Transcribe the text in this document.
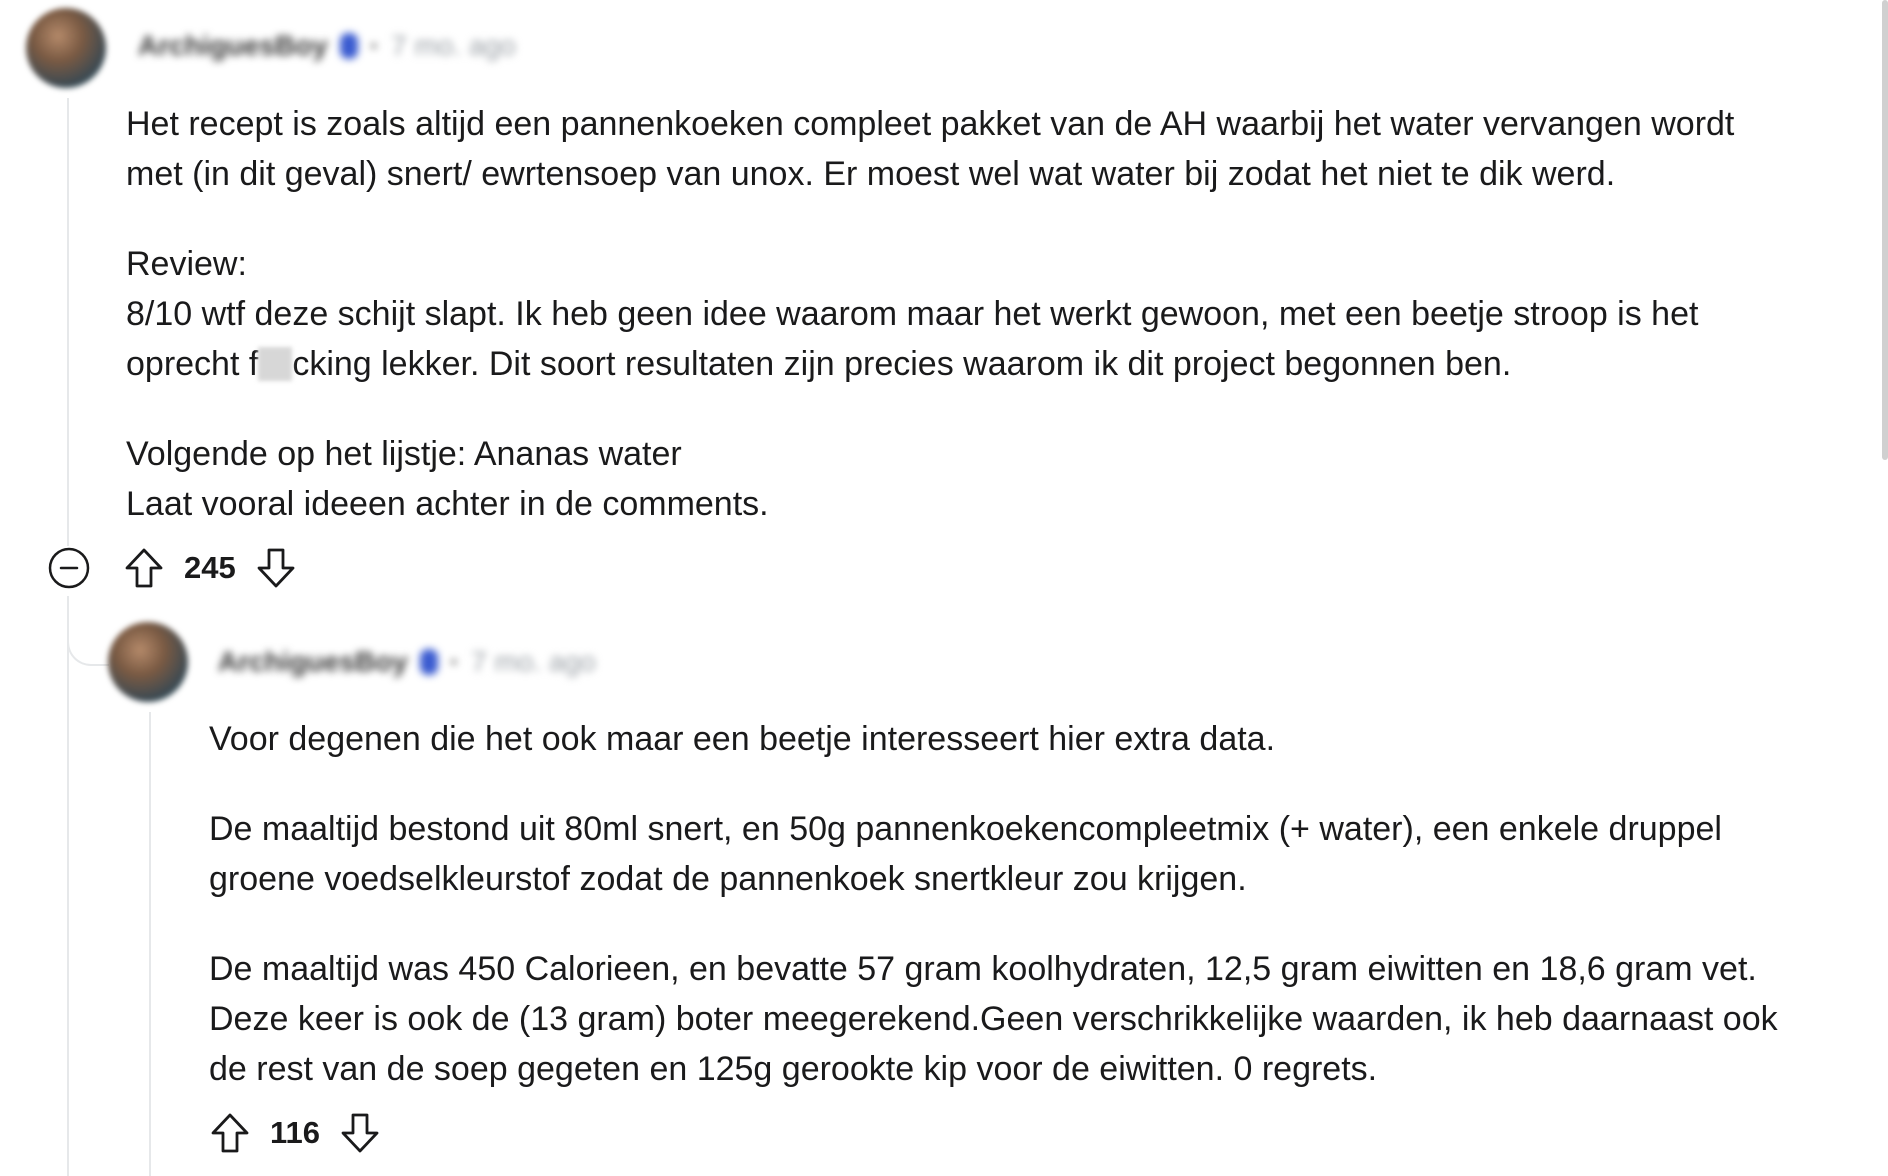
ArchiguesBoy · 7 mo. ago

Het recept is zoals altijd een pannenkoeken compleet pakket van de AH waarbij het water vervangen wordt
met (in dit geval) snert/ ewrtensoep van unox. Er moest wel wat water bij zodat het niet te dik werd.

Review:
8/10 wtf deze schijt slapt. Ik heb geen idee waarom maar het werkt gewoon, met een beetje stroop is het
oprecht f cking lekker. Dit soort resultaten zijn precies waarom ik dit project begonnen ben.

Volgende op het lijstje: Ananas water
Laat vooral ideeen achter in de comments.

245
ArchiguesBoy · 7 mo. ago

Voor degenen die het ook maar een beetje interesseert hier extra data.

De maaltijd bestond uit 80ml snert, en 50g pannenkoekencompleetmix (+ water), een enkele druppel
groene voedselkleurstof zodat de pannenkoek snertkleur zou krijgen.

De maaltijd was 450 Calorieen, en bevatte 57 gram koolhydraten, 12,5 gram eiwitten en 18,6 gram vet.
Deze keer is ook de (13 gram) boter meegerekend.Geen verschrikkelijke waarden, ik heb daarnaast ook
de rest van de soep gegeten en 125g gerookte kip voor de eiwitten. 0 regrets.

116
